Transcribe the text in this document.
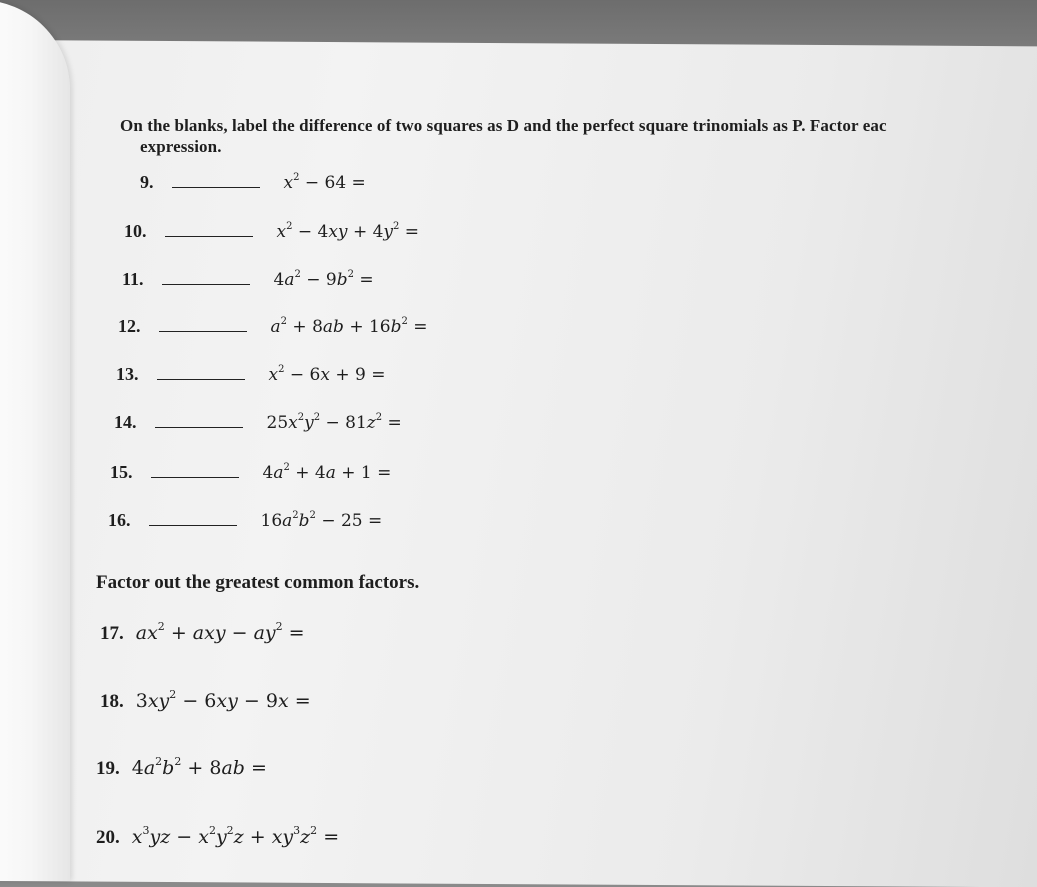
On the blanks, label the difference of two squares as D and the perfect square trinomials as P. Factor eac
expression.
9.	$x^2 - 64$ =
10.	$x^2 - 4xy + 4y^2$ =
11.	$4a^2 - 9b^2$ =
12.	$a^2 + 8ab + 16b^2$ =
13.	$x^2 - 6x + 9$ =
14.	$25x^2y^2 - 81z^2$ =
15.	$4a^2 + 4a + 1$ =
16.	$16a^2b^2 - 25$ =
Factor out the greatest common factors.
17. $ax^2$ + axy − $ay^2$ =
18. $3xy^2 - 6xy - 9x$ =
19. $4a^2b^2 + 8ab$ =
20. $x^3yz - x^2y^2z + xy^3z^2$ =
